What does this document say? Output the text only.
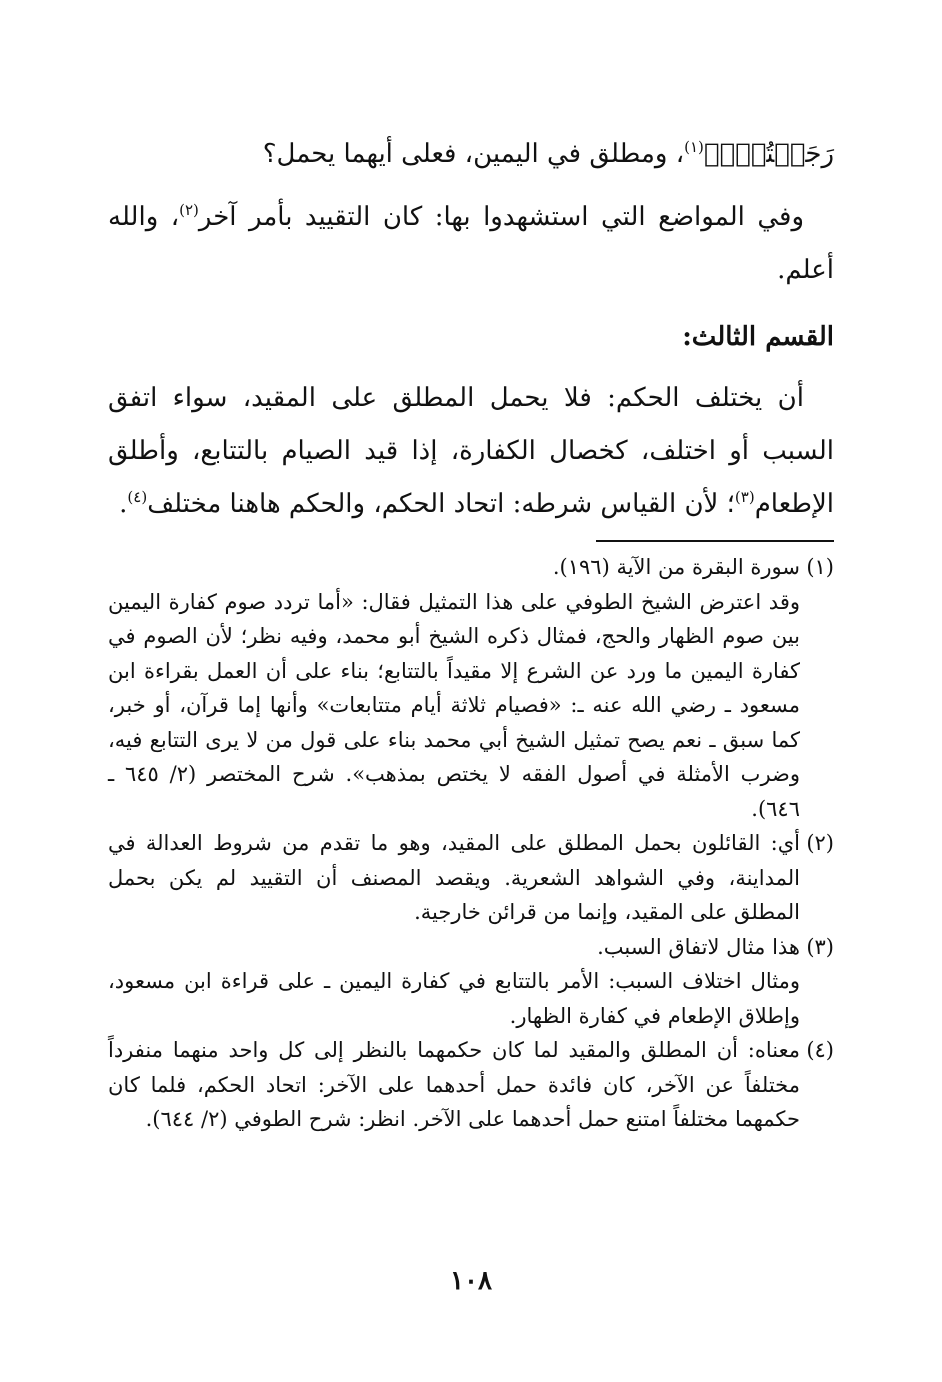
رَجَعۡتُمۡۗ﴾$^{(١)}$، ومطلق في اليمين، فعلى أيهما يحمل؟

وفي المواضع التي استشهدوا بها: كان التقييد بأمر آخر$^{(٢)}$، والله أعلم.

القسم الثالث:

أن يختلف الحكم: فلا يحمل المطلق على المقيد، سواء اتفق السبب أو اختلف، كخصال الكفارة، إذا قيد الصيام بالتتابع، وأطلق الإطعام$^{(٣)}$؛ لأن القياس شرطه: اتحاد الحكم، والحكم هاهنا مختلف$^{(٤)}$.

(١)
سورة البقرة من الآية (١٩٦).
وقد اعترض الشيخ الطوفي على هذا التمثيل فقال: «أما تردد صوم كفارة اليمين بين صوم الظهار والحج، فمثال ذكره الشيخ أبو محمد، وفيه نظر؛ لأن الصوم في كفارة اليمين ما ورد عن الشرع إلا مقيداً بالتتابع؛ بناء على أن العمل بقراءة ابن مسعود ـ رضي الله عنه ـ: «فصيام ثلاثة أيام متتابعات» وأنها إما قرآن، أو خبر، كما سبق ـ نعم يصح تمثيل الشيخ أبي محمد بناء على قول من لا يرى التتابع فيه، وضرب الأمثلة في أصول الفقه لا يختص بمذهب». شرح المختصر (٢/ ٦٤٥ ـ ٦٤٦).
(٢)
أي: القائلون بحمل المطلق على المقيد، وهو ما تقدم من شروط العدالة في المداينة، وفي الشواهد الشعرية. ويقصد المصنف أن التقييد لم يكن بحمل المطلق على المقيد، وإنما من قرائن خارجية.
(٣)
هذا مثال لاتفاق السبب.
ومثال اختلاف السبب: الأمر بالتتابع في كفارة اليمين ـ على قراءة ابن مسعود، وإطلاق الإطعام في كفارة الظهار.
(٤)
معناه: أن المطلق والمقيد لما كان حكمهما بالنظر إلى كل واحد منهما منفرداً مختلفاً عن الآخر، كان فائدة حمل أحدهما على الآخر: اتحاد الحكم، فلما كان حكمهما مختلفاً امتنع حمل أحدهما على الآخر. انظر: شرح الطوفي (٢/ ٦٤٤).
١٠٨
